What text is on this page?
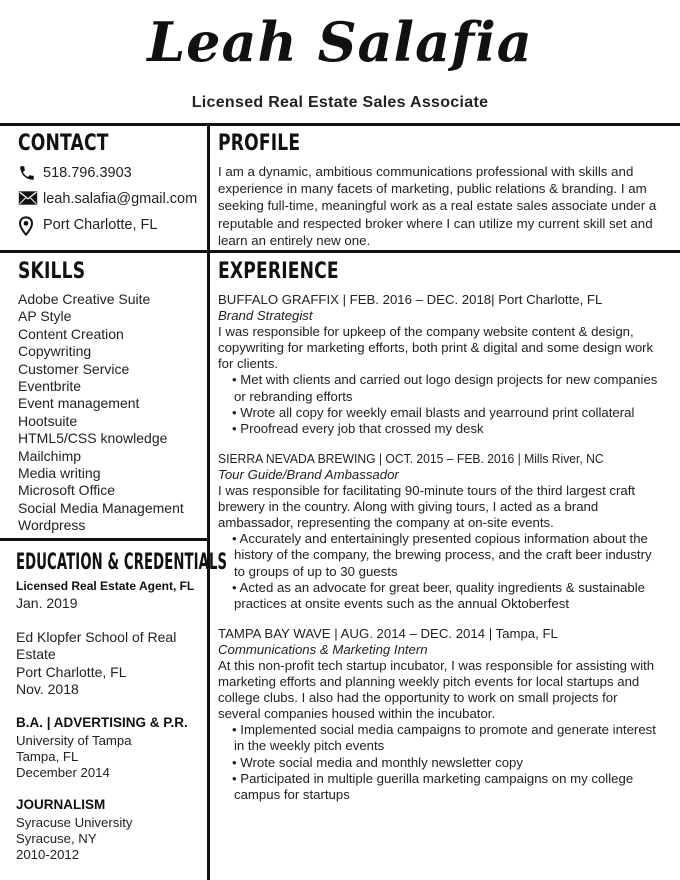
Leah Salafia
Licensed Real Estate Sales Associate
CONTACT
518.796.3903
leah.salafia@gmail.com
Port Charlotte, FL
PROFILE
I am a dynamic, ambitious communications professional with skills and experience in many facets of marketing, public relations & branding. I am seeking full-time, meaningful work as a real estate sales associate under a reputable and respected broker where I can utilize my current skill set and learn an entirely new one.
SKILLS
Adobe Creative Suite
AP Style
Content Creation
Copywriting
Customer Service
Eventbrite
Event management
Hootsuite
HTML5/CSS knowledge
Mailchimp
Media writing
Microsoft Office
Social Media Management
Wordpress
EDUCATION & CREDENTIALS
Licensed Real Estate Agent, FL
Jan. 2019
Ed Klopfer School of Real Estate
Port Charlotte, FL
Nov. 2018
B.A. | ADVERTISING & P.R.
University of Tampa
Tampa, FL
December 2014
JOURNALISM
Syracuse University
Syracuse, NY
2010-2012
EXPERIENCE
BUFFALO GRAFFIX | FEB. 2016 – DEC. 2018| Port Charlotte, FL
Brand Strategist
I was responsible for upkeep of the company website content & design, copywriting for marketing efforts, both print & digital and some design work for clients.
• Met with clients and carried out logo design projects for new companies or rebranding efforts
• Wrote all copy for weekly email blasts and yearround print collateral
• Proofread every job that crossed my desk
SIERRA NEVADA BREWING | OCT. 2015 – FEB. 2016 | Mills River, NC
Tour Guide/Brand Ambassador
I was responsible for facilitating 90-minute tours of the third largest craft brewery in the country. Along with giving tours, I acted as a brand ambassador, representing the company at on-site events.
• Accurately and entertainingly presented copious information about the history of the company, the brewing process, and the craft beer industry to groups of up to 30 guests
• Acted as an advocate for great beer, quality ingredients & sustainable practices at onsite events such as the annual Oktoberfest
TAMPA BAY WAVE | AUG. 2014 – DEC. 2014 | Tampa, FL
Communications & Marketing Intern
At this non-profit tech startup incubator, I was responsible for assisting with marketing efforts and planning weekly pitch events for local startups and college clubs. I also had the opportunity to work on small projects for several companies housed within the incubator.
• Implemented social media campaigns to promote and generate interest in the weekly pitch events
• Wrote social media and monthly newsletter copy
• Participated in multiple guerilla marketing campaigns on my college campus for startups
